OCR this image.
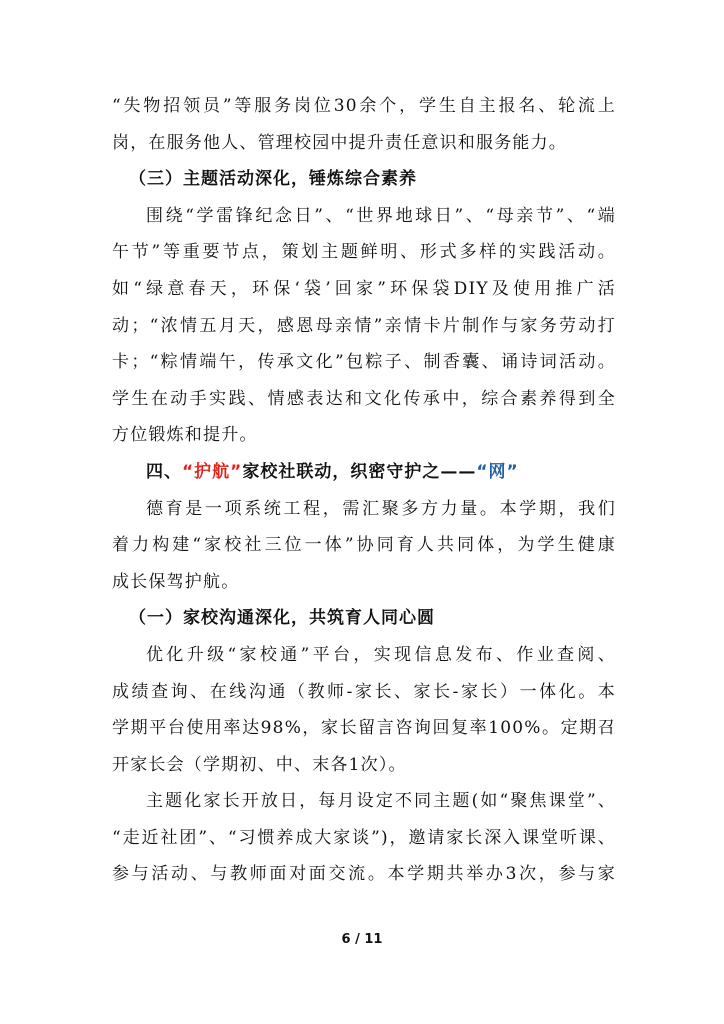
“失物招领员”等服务岗位30余个，学生自主报名、轮流上
岗，在服务他人、管理校园中提升责任意识和服务能力。
（三）主题活动深化，锤炼综合素养
围绕“学雷锋纪念日”、“世界地球日”、“母亲节”、“端
午节”等重要节点，策划主题鲜明、形式多样的实践活动。
如“绿意春天，环保‘袋’回家”环保袋DIY及使用推广活
动；“浓情五月天，感恩母亲情”亲情卡片制作与家务劳动打
卡；“粽情端午，传承文化”包粽子、制香囊、诵诗词活动。
学生在动手实践、情感表达和文化传承中，综合素养得到全
方位锻炼和提升。
四、“护航”家校社联动，织密守护之——“网”
德育是一项系统工程，需汇聚多方力量。本学期，我们
着力构建“家校社三位一体”协同育人共同体，为学生健康
成长保驾护航。
（一）家校沟通深化，共筑育人同心圆
优化升级“家校通”平台，实现信息发布、作业查阅、
成绩查询、在线沟通（教师-家长、家长-家长）一体化。本
学期平台使用率达98%，家长留言咨询回复率100%。定期召
开家长会（学期初、中、末各1次）。
主题化家长开放日，每月设定不同主题(如“聚焦课堂”、
“走近社团”、“习惯养成大家谈”)，邀请家长深入课堂听课、
参与活动、与教师面对面交流。本学期共举办3次，参与家
6 / 11
